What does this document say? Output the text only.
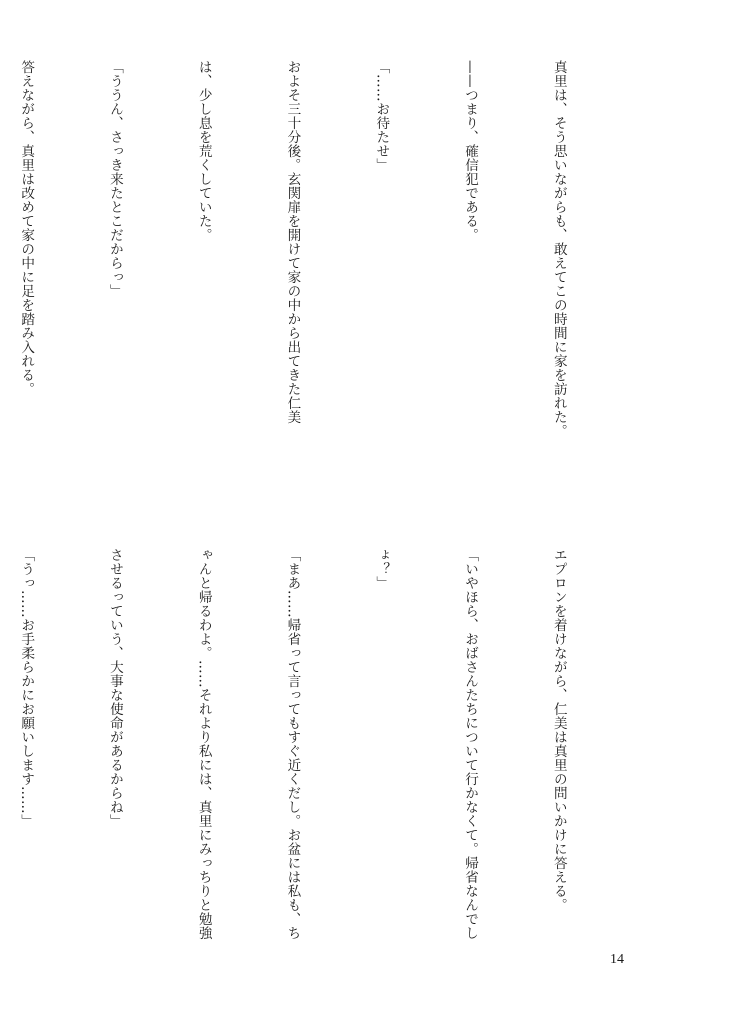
真里は、そう思いながらも、敢えてこの時間に家を訪れた。

——つまり、確信犯である。

「……お待たせ」

およそ三十分後。玄関扉を開けて家の中から出てきた仁美

は、少し息を荒くしていた。

「ううん、さっき来たとこだからっ」

答えながら、真里は改めて家の中に足を踏み入れる。

エプロンを着けながら、仁美は真里の問いかけに答える。

「いやほら、おばさんたちについて行かなくて。帰省なんでし

ょ？」

「まあ……帰省って言ってもすぐ近くだし。お盆には私も、ち

ゃんと帰るわよ。……それより私には、真里にみっちりと勉強

させるっていう、大事な使命があるからね」

「うっ……お手柔らかにお願いします……」

14
